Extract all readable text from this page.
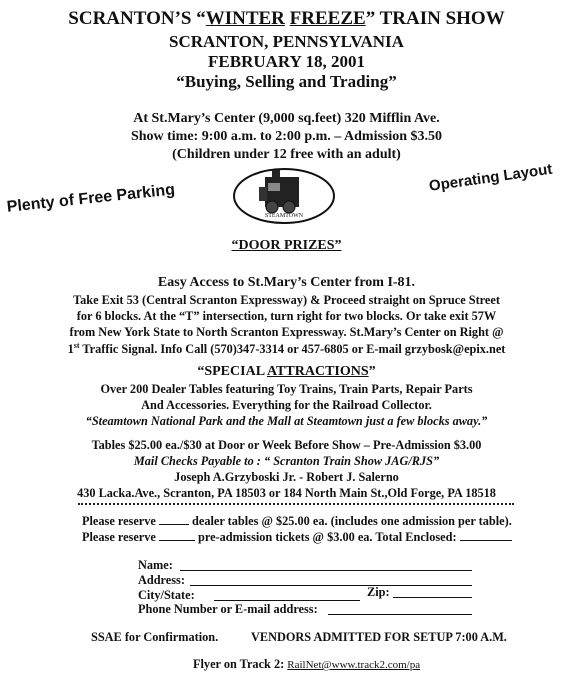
SCRANTON’S “WINTER FREEZE” TRAIN SHOW
SCRANTON, PENNSYLVANIA
FEBRUARY 18, 2001
“Buying, Selling and Trading”
At St.Mary’s Center (9,000 sq.feet) 320 Mifflin Ave.
Show time: 9:00 a.m. to 2:00 p.m. – Admission $3.50
(Children under 12 free with an adult)
Plenty of Free Parking
Operating Layout
STEAMTOWN
“DOOR PRIZES”
Easy Access to St.Mary’s Center from I-81.
Take Exit 53 (Central Scranton Expressway) & Proceed straight on Spruce Street
for 6 blocks. At the “T” intersection, turn right for two blocks. Or take exit 57W
from New York State to North Scranton Expressway. St.Mary’s Center on Right @
1st Traffic Signal. Info Call (570)347-3314 or 457-6805 or E-mail grzybosk@epix.net
“SPECIAL ATTRACTIONS”
Over 200 Dealer Tables featuring Toy Trains, Train Parts, Repair Parts
And Accessories. Everything for the Railroad Collector.
“Steamtown National Park and the Mall at Steamtown just a few blocks away.”
Tables $25.00 ea./$30 at Door or Week Before Show – Pre-Admission $3.00
Mail Checks Payable to : “ Scranton Train Show JAG/RJS”
Joseph A.Grzyboski Jr. - Robert J. Salerno
430 Lacka.Ave., Scranton, PA 18503 or 184 North Main St.,Old Forge, PA 18518
Please reserve	dealer tables @ $25.00 ea. (includes one admission per table).
Please reserve	pre-admission tickets @ $3.00 ea. Total Enclosed:
Name:
Address:
City/State:	Zip:
Phone Number or E-mail address:
SSAE for Confirmation.	VENDORS ADMITTED FOR SETUP 7:00 A.M.
Flyer on Track 2: RailNet@www.track2.com/pa
